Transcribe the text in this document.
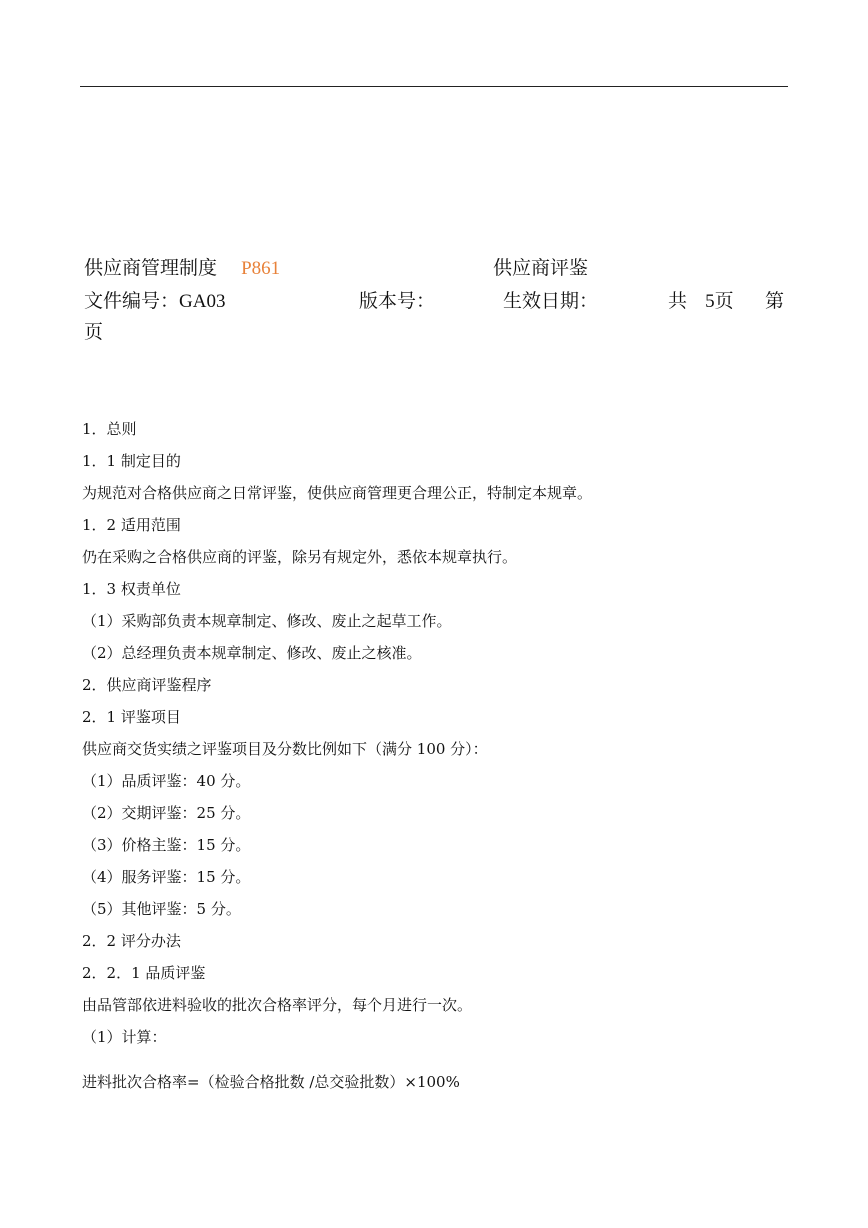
供应商管理制度 P861	供应商评鉴
文件编号：GA03	版本号：	生效日期：	共 5页 第
页
1．总则
1．1 制定目的
为规范对合格供应商之日常评鉴，使供应商管理更合理公正，特制定本规章。
1．2 适用范围
仍在采购之合格供应商的评鉴，除另有规定外，悉依本规章执行。
1．3 权责单位
（1）采购部负责本规章制定、修改、废止之起草工作。
（2）总经理负责本规章制定、修改、废止之核准。
2．供应商评鉴程序
2．1 评鉴项目
供应商交货实绩之评鉴项目及分数比例如下（满分 100 分）：
（1）品质评鉴：40 分。
（2）交期评鉴：25 分。
（3）价格主鉴：15 分。
（4）服务评鉴：15 分。
（5）其他评鉴：5 分。
2．2 评分办法
2．2．1 品质评鉴
由品管部依进料验收的批次合格率评分，每个月进行一次。
（1）计算：
进料批次合格率=（检验合格批数 /总交验批数）×100%
